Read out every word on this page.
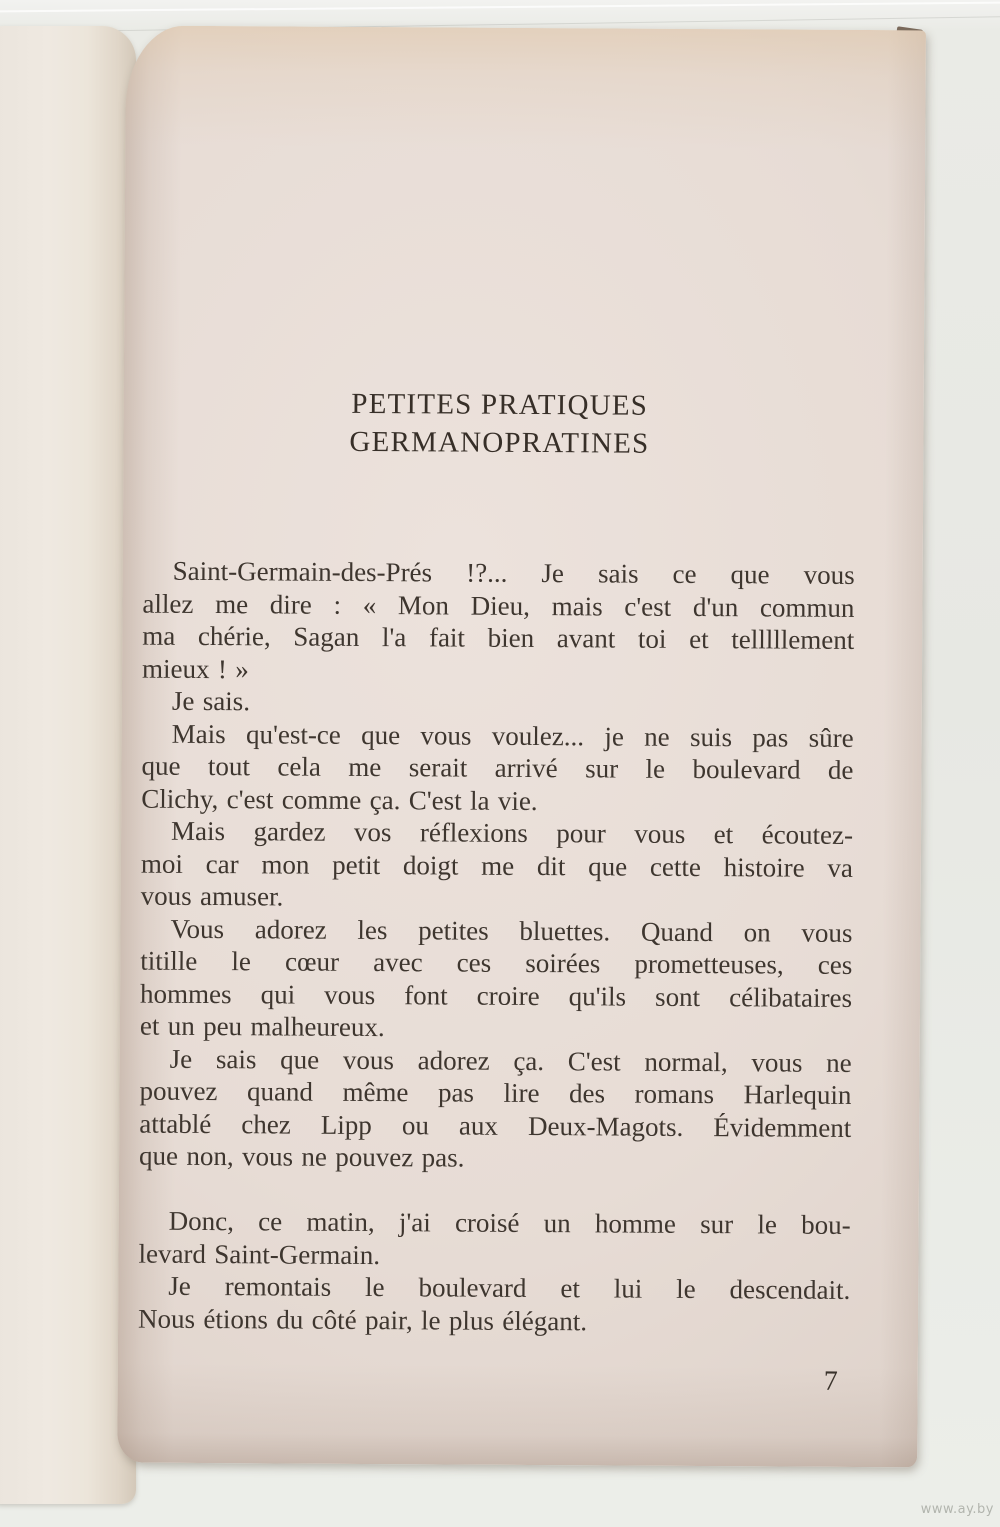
PETITES PRATIQUES
GERMANOPRATINES
Saint-Germain-des-Prés !?... Je sais ce que vous
allez me dire : « Mon Dieu, mais c'est d'un commun
ma chérie, Sagan l'a fait bien avant toi et telllllement
mieux ! »
Je sais.
Mais qu'est-ce que vous voulez... je ne suis pas sûre
que tout cela me serait arrivé sur le boulevard de
Clichy, c'est comme ça. C'est la vie.
Mais gardez vos réflexions pour vous et écoutez-
moi car mon petit doigt me dit que cette histoire va
vous amuser.
Vous adorez les petites bluettes. Quand on vous
titille le cœur avec ces soirées prometteuses, ces
hommes qui vous font croire qu'ils sont célibataires
et un peu malheureux.
Je sais que vous adorez ça. C'est normal, vous ne
pouvez quand même pas lire des romans Harlequin
attablé chez Lipp ou aux Deux-Magots. Évidemment
que non, vous ne pouvez pas.
Donc, ce matin, j'ai croisé un homme sur le bou-
levard Saint-Germain.
Je remontais le boulevard et lui le descendait.
Nous étions du côté pair, le plus élégant.
7
www.ay.by
